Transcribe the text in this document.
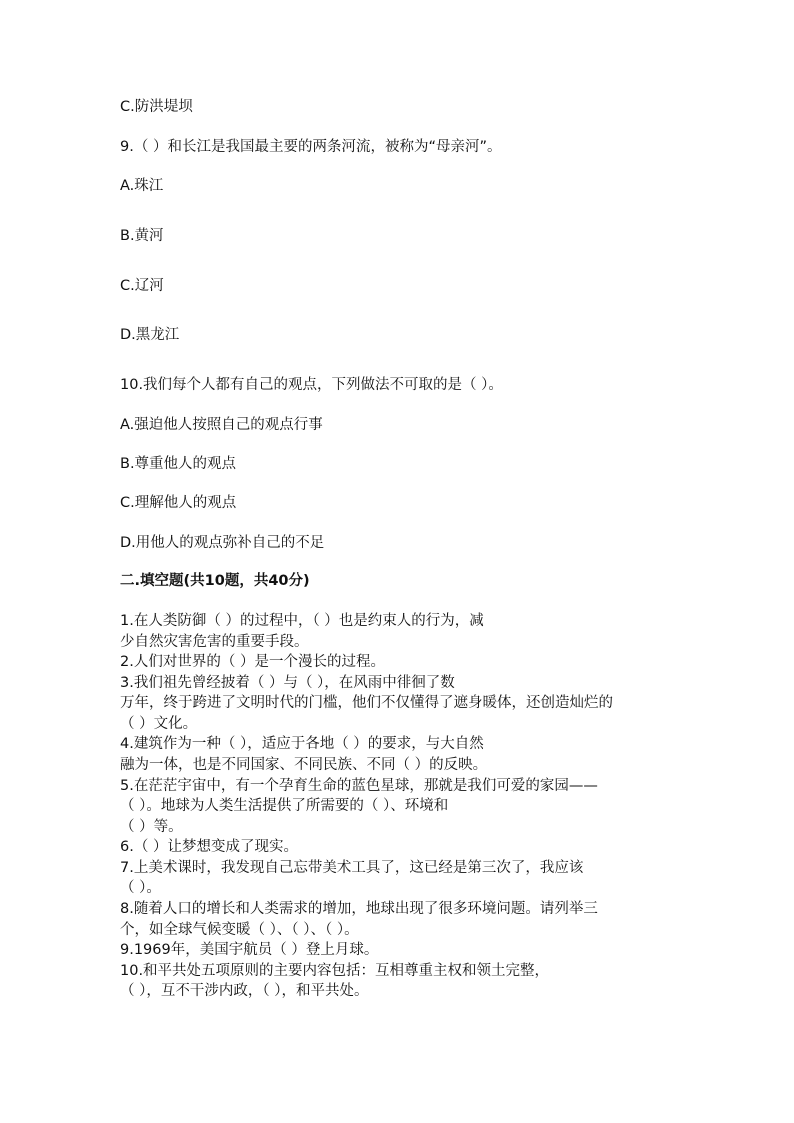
C.防洪堤坝
9.（ ）和长江是我国最主要的两条河流，被称为“母亲河”。
A.珠江
B.黄河
C.辽河
D.黑龙江
10.我们每个人都有自己的观点，下列做法不可取的是（ ）。
A.强迫他人按照自己的观点行事
B.尊重他人的观点
C.理解他人的观点
D.用他人的观点弥补自己的不足
二.填空题(共10题，共40分)
1.在人类防御（ ）的过程中，（ ）也是约束人的行为，减
少自然灾害危害的重要手段。
2.人们对世界的（ ）是一个漫长的过程。
3.我们祖先曾经披着（ ）与（ ），在风雨中徘徊了数
万年，终于跨进了文明时代的门槛，他们不仅懂得了遮身暖体，还创造灿烂的
（ ）文化。
4.建筑作为一种（ ），适应于各地（ ）的要求，与大自然
融为一体，也是不同国家、不同民族、不同（ ）的反映。
5.在茫茫宇宙中，有一个孕育生命的蓝色星球，那就是我们可爱的家园——
（ ）。地球为人类生活提供了所需要的（ ）、环境和
（ ）等。
6.（ ）让梦想变成了现实。
7.上美术课时，我发现自己忘带美术工具了，这已经是第三次了，我应该
（ ）。
8.随着人口的增长和人类需求的增加，地球出现了很多环境问题。请列举三
个，如全球气候变暖（ ）、（ ）、（ ）。
9.1969年，美国宇航员（ ）登上月球。
10.和平共处五项原则的主要内容包括：互相尊重主权和领土完整，
（ ），互不干涉内政，（ ），和平共处。
